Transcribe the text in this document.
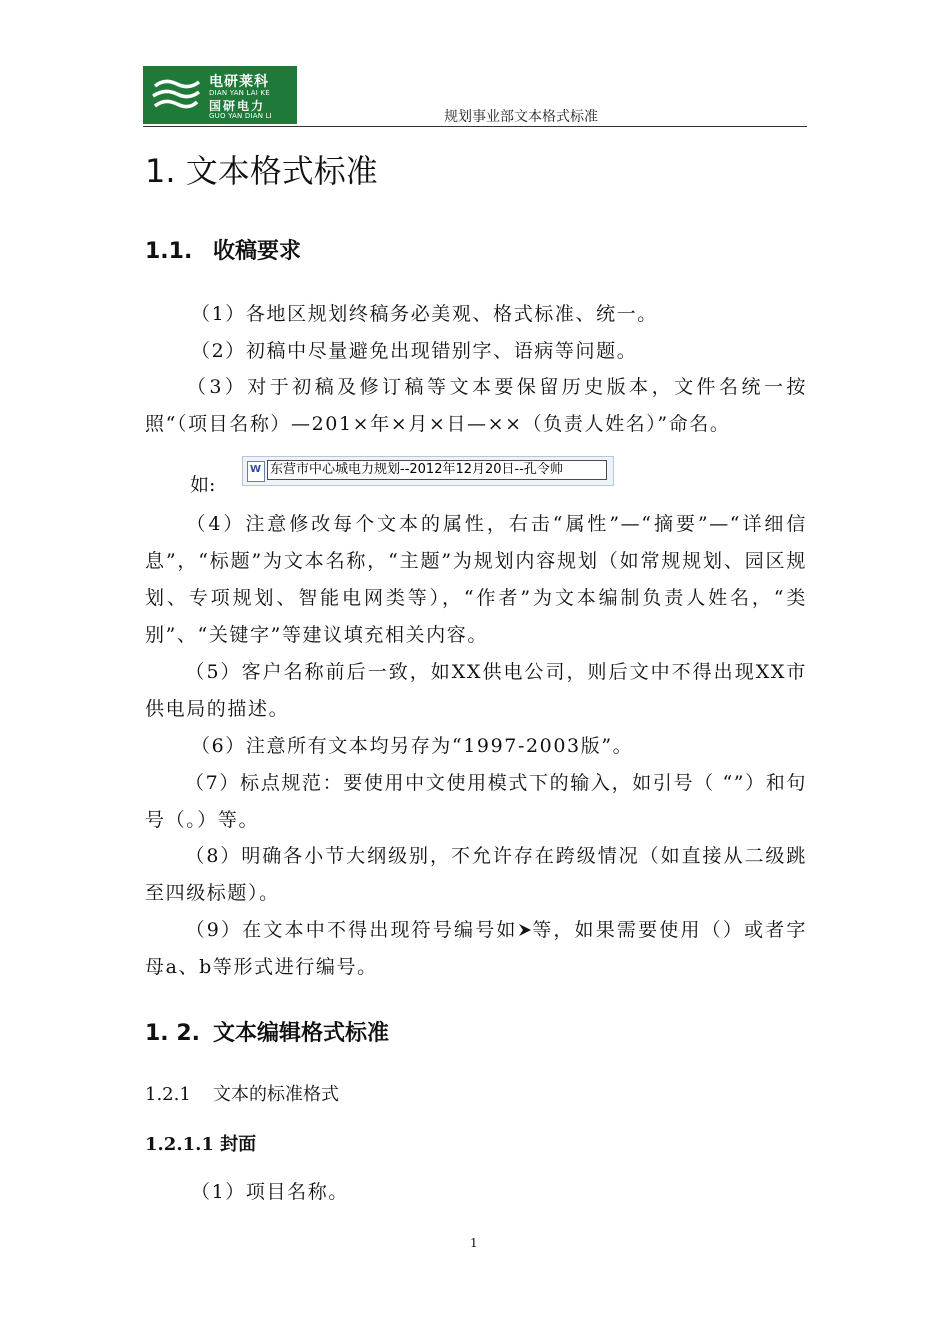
电研莱科
DIAN YAN LAI KE
国研电力
GUO YAN DIAN LI	规划事业部文本格式标准
1. 文本格式标准
1.1. 收稿要求
（1）各地区规划终稿务必美观、格式标准、统一。
（2）初稿中尽量避免出现错别字、语病等问题。
（3）对于初稿及修订稿等文本要保留历史版本，文件名统一按照“（项目名称）—201×年×月×日—××（负责人姓名）”命名。
如:
W
东营市中心城电力规划--2012年12月20日--孔令帅
（4）注意修改每个文本的属性，右击“属性”—“摘要”—“详细信息”，“标题”为文本名称，“主题”为规划内容规划（如常规规划、园区规划、专项规划、智能电网类等），“作者”为文本编制负责人姓名，“类别”、“关键字”等建议填充相关内容。
（5）客户名称前后一致，如XX供电公司，则后文中不得出现XX市供电局的描述。
（6）注意所有文本均另存为“1997-2003版”。
（7）标点规范：要使用中文使用模式下的输入，如引号（ “”）和句号（。）等。
（8）明确各小节大纲级别，不允许存在跨级情况（如直接从二级跳至四级标题）。
（9）在文本中不得出现符号编号如 等，如果需要使用（）或者字母a、b等形式进行编号。
1. 2. 文本编辑格式标准
1.2.1 文本的标准格式
1.2.1.1 封面
（1）项目名称。
1
